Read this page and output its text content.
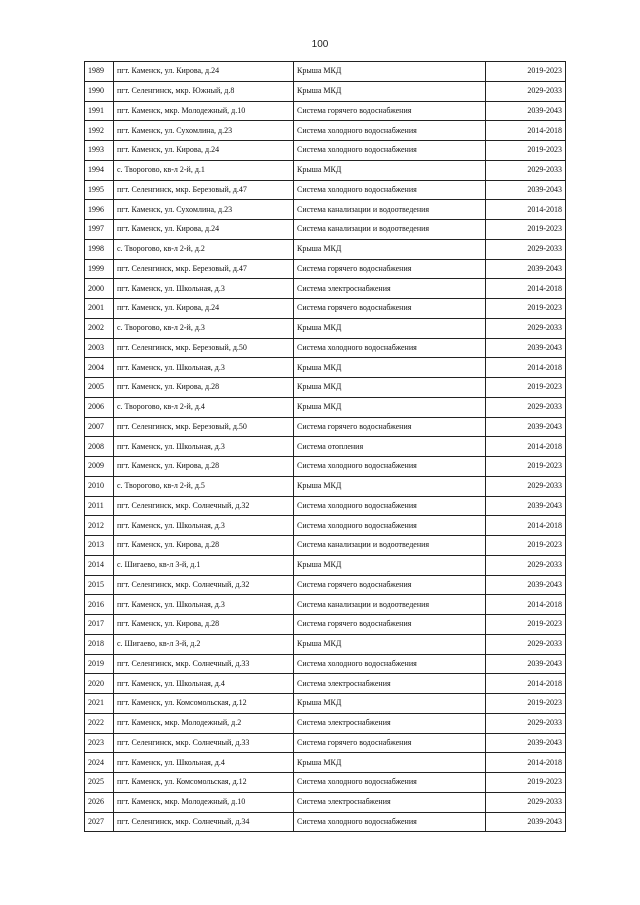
100
1989	пгт. Каменск, ул. Кирова, д.24	Крыша МКД	2019-2023
1990	пгт. Селенгинск, мкр. Южный, д.8	Крыша МКД	2029-2033
1991	пгт. Каменск, мкр. Молодежный, д.10	Система горячего водоснабжения	2039-2043
1992	пгт. Каменск, ул. Сухомлина, д.23	Система холодного водоснабжения	2014-2018
1993	пгт. Каменск, ул. Кирова, д.24	Система холодного водоснабжения	2019-2023
1994	с. Творогово, кв-л 2-й, д.1	Крыша МКД	2029-2033
1995	пгт. Селенгинск, мкр. Березовый, д.47	Система холодного водоснабжения	2039-2043
1996	пгт. Каменск, ул. Сухомлина, д.23	Система канализации и водоотведения	2014-2018
1997	пгт. Каменск, ул. Кирова, д.24	Система канализации и водоотведения	2019-2023
1998	с. Творогово, кв-л 2-й, д.2	Крыша МКД	2029-2033
1999	пгт. Селенгинск, мкр. Березовый, д.47	Система горячего водоснабжения	2039-2043
2000	пгт. Каменск, ул. Школьная, д.3	Система электроснабжения	2014-2018
2001	пгт. Каменск, ул. Кирова, д.24	Система горячего водоснабжения	2019-2023
2002	с. Творогово, кв-л 2-й, д.3	Крыша МКД	2029-2033
2003	пгт. Селенгинск, мкр. Березовый, д.50	Система холодного водоснабжения	2039-2043
2004	пгт. Каменск, ул. Школьная, д.3	Крыша МКД	2014-2018
2005	пгт. Каменск, ул. Кирова, д.28	Крыша МКД	2019-2023
2006	с. Творогово, кв-л 2-й, д.4	Крыша МКД	2029-2033
2007	пгт. Селенгинск, мкр. Березовый, д.50	Система горячего водоснабжения	2039-2043
2008	пгт. Каменск, ул. Школьная, д.3	Система отопления	2014-2018
2009	пгт. Каменск, ул. Кирова, д.28	Система холодного водоснабжения	2019-2023
2010	с. Творогово, кв-л 2-й, д.5	Крыша МКД	2029-2033
2011	пгт. Селенгинск, мкр. Солнечный, д.32	Система холодного водоснабжения	2039-2043
2012	пгт. Каменск, ул. Школьная, д.3	Система холодного водоснабжения	2014-2018
2013	пгт. Каменск, ул. Кирова, д.28	Система канализации и водоотведения	2019-2023
2014	с. Шигаево, кв-л 3-й, д.1	Крыша МКД	2029-2033
2015	пгт. Селенгинск, мкр. Солнечный, д.32	Система горячего водоснабжения	2039-2043
2016	пгт. Каменск, ул. Школьная, д.3	Система канализации и водоотведения	2014-2018
2017	пгт. Каменск, ул. Кирова, д.28	Система горячего водоснабжения	2019-2023
2018	с. Шигаево, кв-л 3-й, д.2	Крыша МКД	2029-2033
2019	пгт. Селенгинск, мкр. Солнечный, д.33	Система холодного водоснабжения	2039-2043
2020	пгт. Каменск, ул. Школьная, д.4	Система электроснабжения	2014-2018
2021	пгт. Каменск, ул. Комсомольская, д.12	Крыша МКД	2019-2023
2022	пгт. Каменск, мкр. Молодежный, д.2	Система электроснабжения	2029-2033
2023	пгт. Селенгинск, мкр. Солнечный, д.33	Система горячего водоснабжения	2039-2043
2024	пгт. Каменск, ул. Школьная, д.4	Крыша МКД	2014-2018
2025	пгт. Каменск, ул. Комсомольская, д.12	Система холодного водоснабжения	2019-2023
2026	пгт. Каменск, мкр. Молодежный, д.10	Система электроснабжения	2029-2033
2027	пгт. Селенгинск, мкр. Солнечный, д.34	Система холодного водоснабжения	2039-2043
